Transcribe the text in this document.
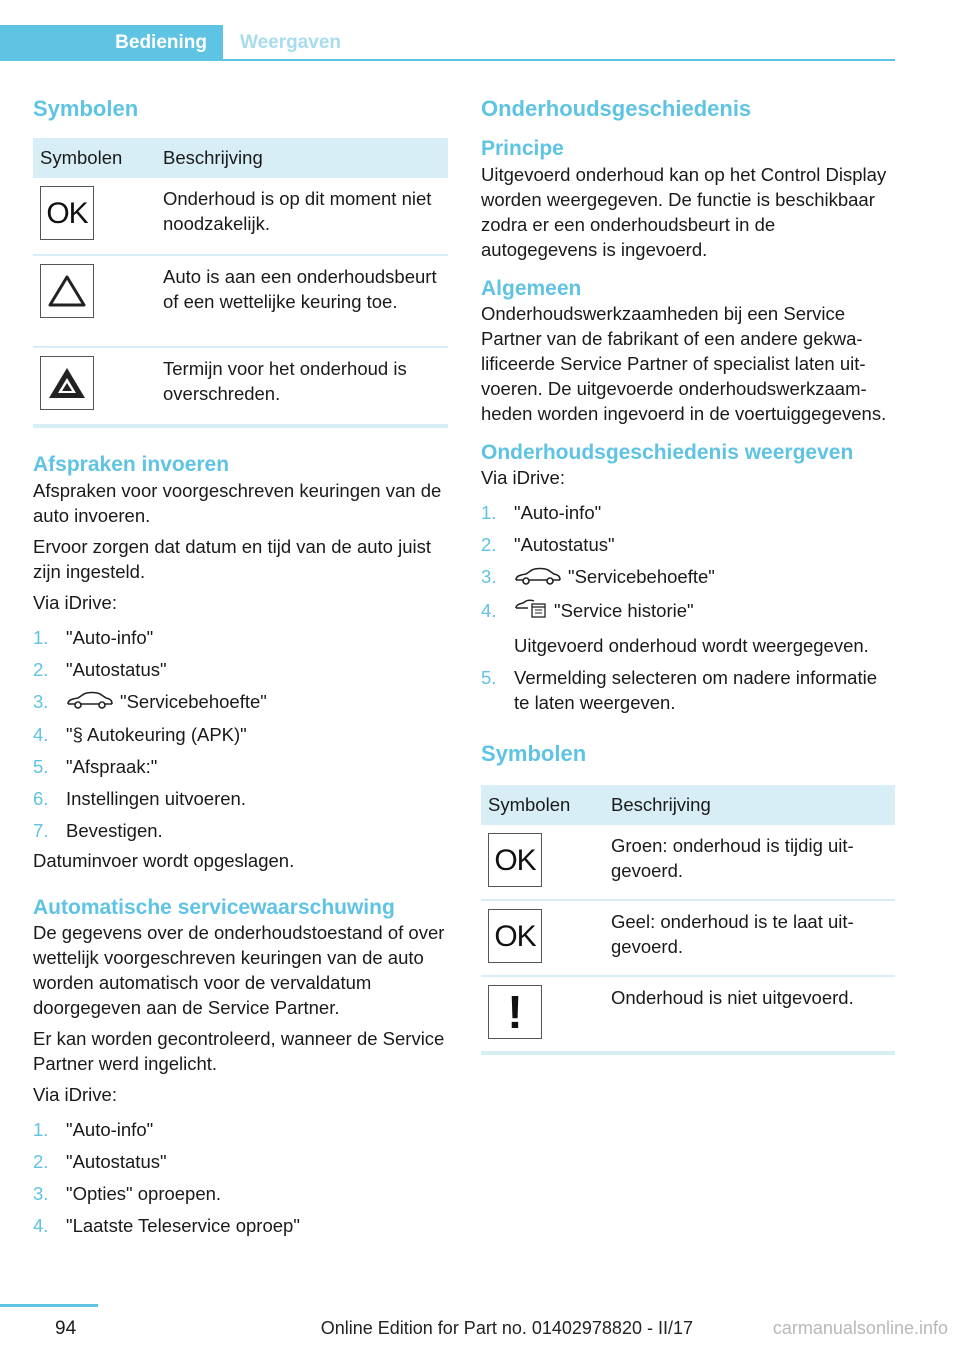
Bediening Weergaven
Symbolen
Symbolen	Beschrijving

OK	Onderhoud is op dit moment niet noodzakelijk.

	Auto is aan een onderhoudsbeurt of een wettelijke keuring toe.

	Termijn voor het onderhoud is overschreden.
Afspraken invoeren

Afspraken voor voorgeschreven keuringen van de auto invoeren.

Ervoor zorgen dat datum en tijd van de auto juist zijn ingesteld.

Via iDrive:

1. "Auto-info"
2. "Autostatus"
3.	"Servicebehoefte"
4. "§ Autokeuring (APK)"
5. "Afspraak:"
6. Instellingen uitvoeren.
7. Bevestigen.

Datuminvoer wordt opgeslagen.

Automatische servicewaarschuwing

De gegevens over de onderhoudstoestand of over wettelijk voorgeschreven keuringen van de auto worden automatisch voor de vervaldatum doorgegeven aan de Service Partner.

Er kan worden gecontroleerd, wanneer de Service Partner werd ingelicht.

Via iDrive:

1. "Auto-info"
2. "Autostatus"
3. "Opties" oproepen.
4. "Laatste Teleservice oproep"
Onderhoudsgeschiedenis
Principe

Uitgevoerd onderhoud kan op het Control Display worden weergegeven. De functie is beschikbaar zodra er een onderhoudsbeurt in de autogegevens is ingevoerd.

Algemeen

Onderhoudswerkzaamheden bij een Service Partner van de fabrikant of een andere gekwalificeerde Service Partner of specialist laten uitvoeren. De uitgevoerde onderhoudswerkzaamheden worden ingevoerd in de voertuiggegevens.

Onderhoudsgeschiedenis weergeven

Via iDrive:

1. "Auto-info"
2. "Autostatus"
3.	"Servicebehoefte"
4.	"Service historie"
Uitgevoerd onderhoud wordt weergegeven.
5. Vermelding selecteren om nadere informatie te laten weergeven.
Symbolen
Symbolen	Beschrijving

OK	Groen: onderhoud is tijdig uitgevoerd.

OK	Geel: onderhoud is te laat uitgevoerd.

!	Onderhoud is niet uitgevoerd.
94	Online Edition for Part no. 01402978820 - II/17	carmanualsonline.info
